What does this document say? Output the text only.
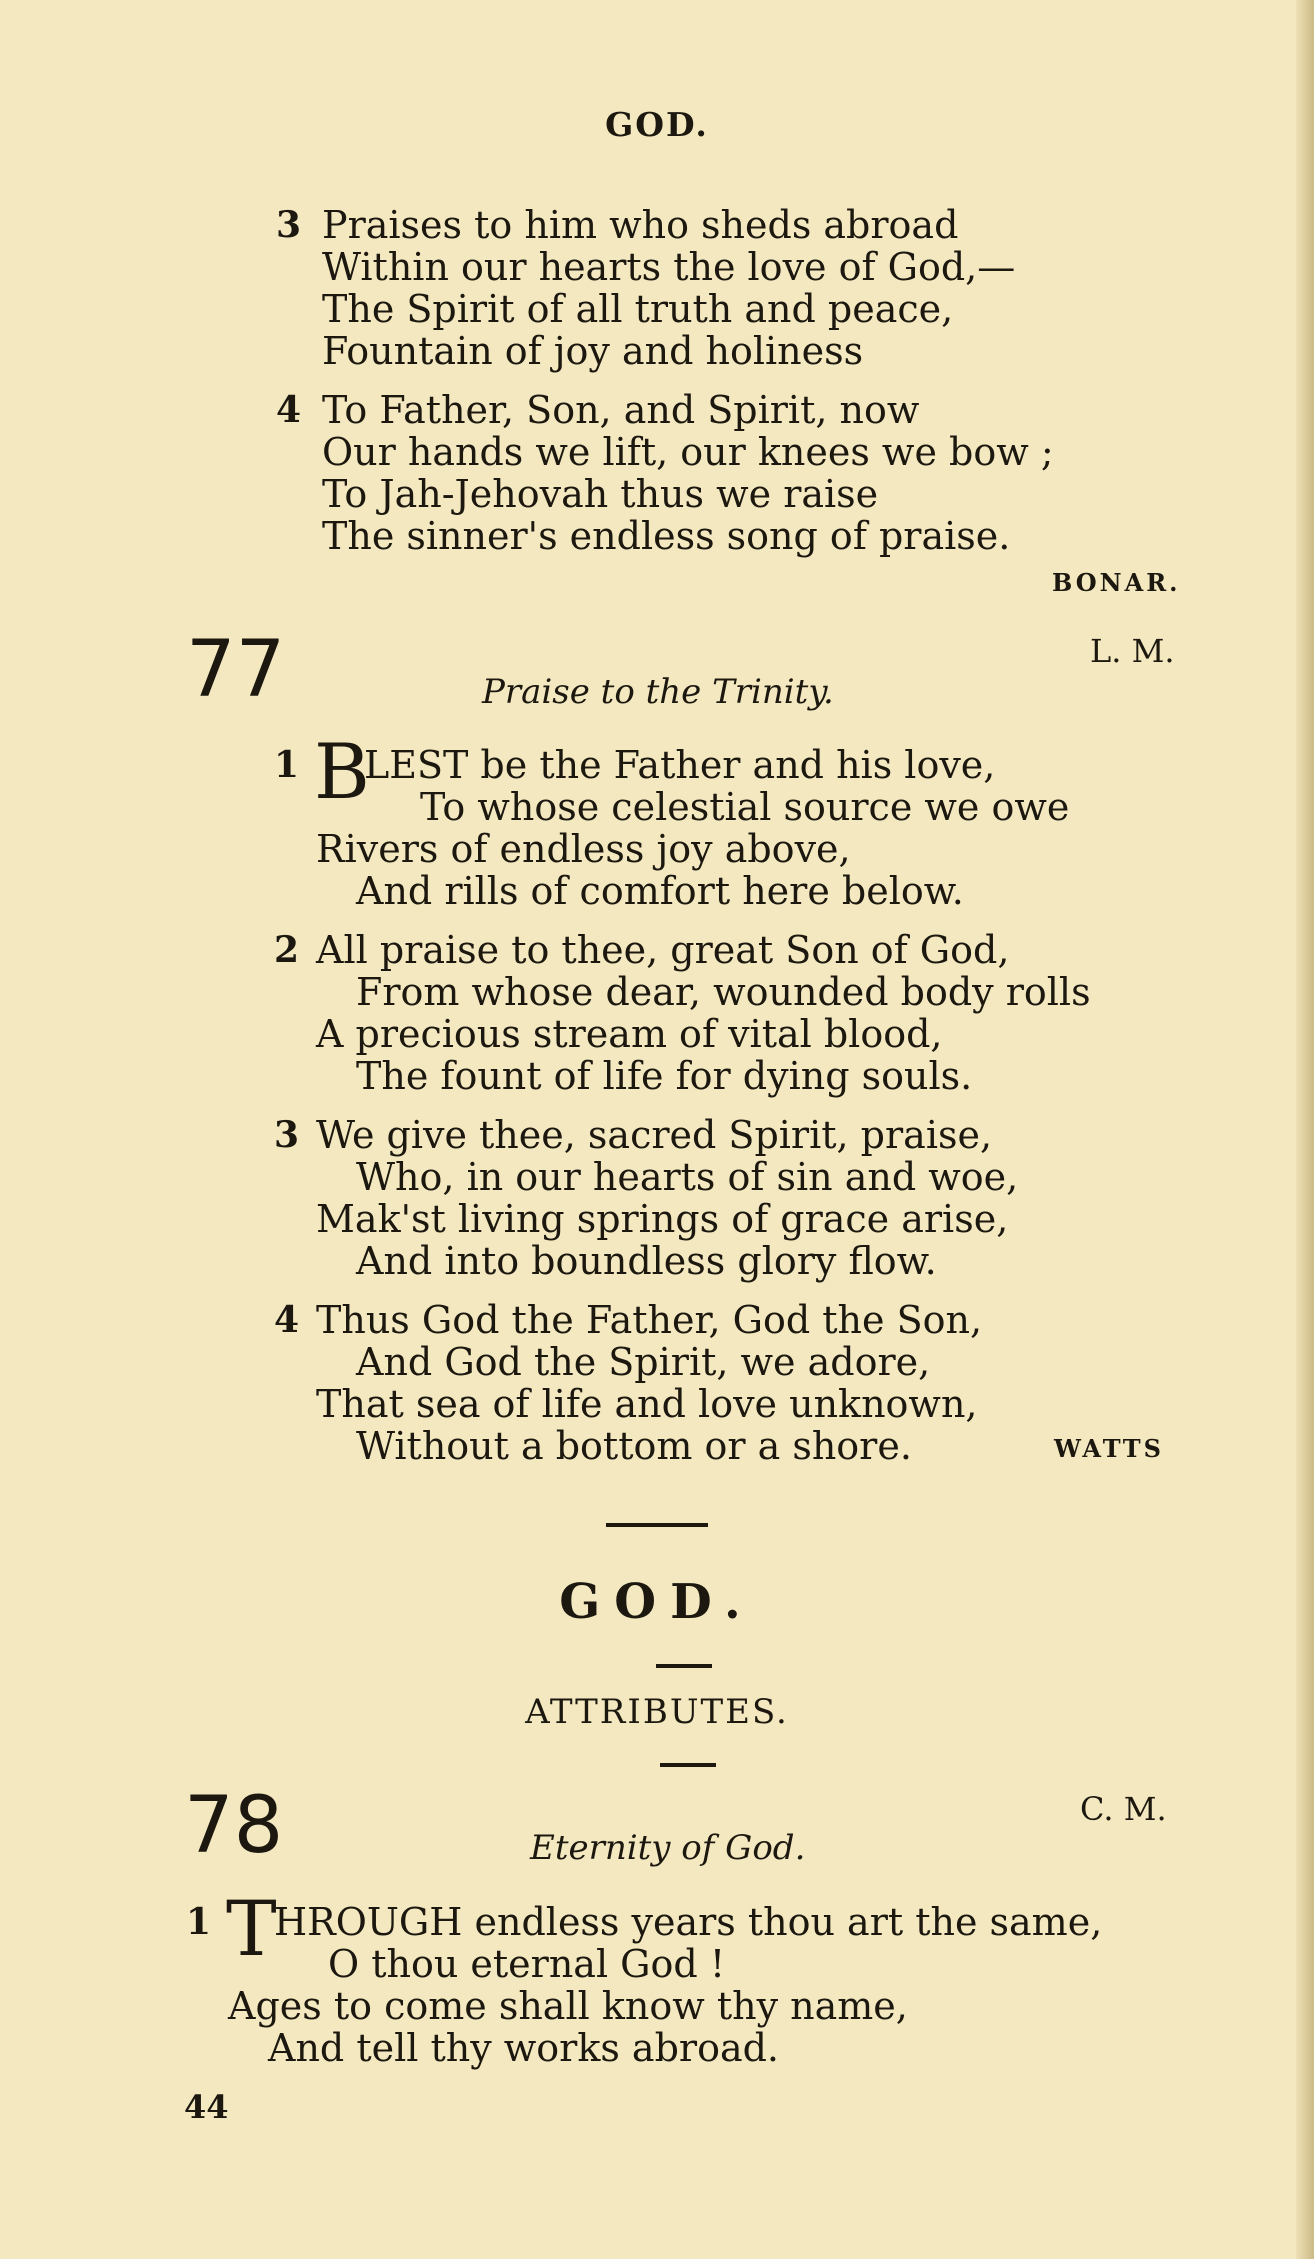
GOD.
3 Praises to him who sheds abroad
Within our hearts the love of God,—
The Spirit of all truth and peace,
Fountain of joy and holiness
4 To Father, Son, and Spirit, now
Our hands we lift, our knees we bow ;
To Jah-Jehovah thus we raise
The sinner's endless song of praise.
BONAR.
77	L. M.
Praise to the Trinity.
1 B
LEST be the Father and his love,
To whose celestial source we owe
Rivers of endless joy above,
And rills of comfort here below.
2 All praise to thee, great Son of God,
From whose dear, wounded body rolls
A precious stream of vital blood,
The fount of life for dying souls.
3 We give thee, sacred Spirit, praise,
Who, in our hearts of sin and woe,
Mak'st living springs of grace arise,
And into boundless glory flow.
4 Thus God the Father, God the Son,
And God the Spirit, we adore,
That sea of life and love unknown,
Without a bottom or a shore.	WATTS
GOD.
ATTRIBUTES.
78	C. M.
Eternity of God.
1 T
HROUGH endless years thou art the same,
O thou eternal God !
Ages to come shall know thy name,
And tell thy works abroad.
44
